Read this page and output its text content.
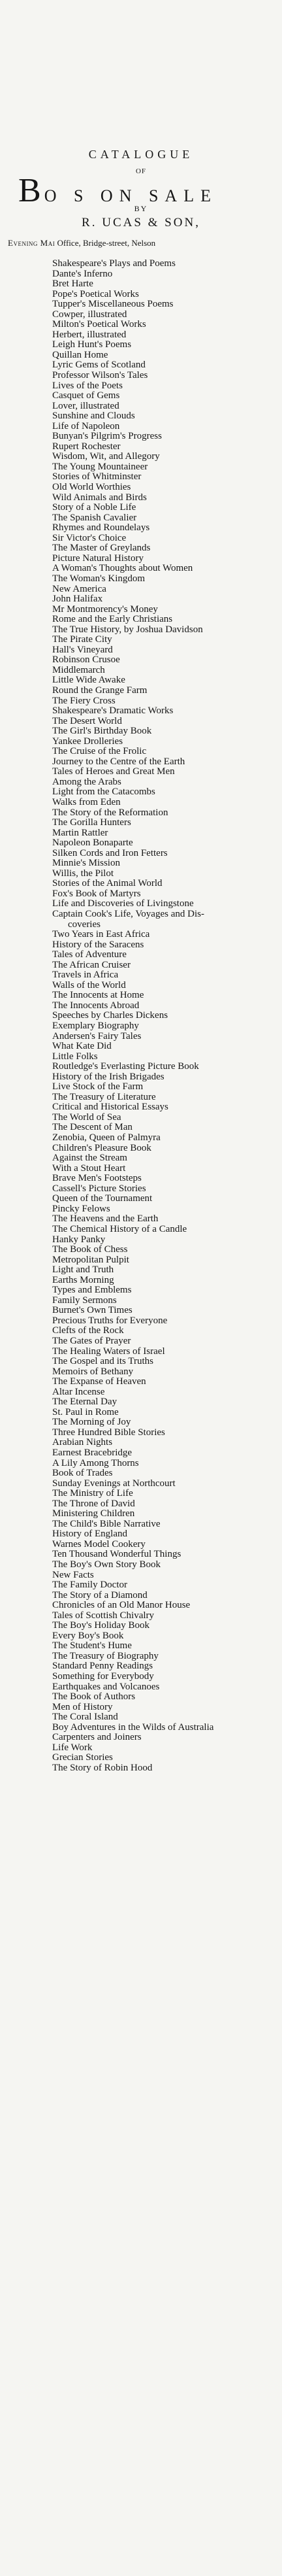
CATALOGUE
OF
BO S ON SALE
BY
R. UCAS & SON,
Evening Mai Office, Bridge-street, Nelson
Shakespeare's Plays and Poems
Dante's Inferno
Bret Harte
Pope's Poetical Works
Tupper's Miscellaneous Poems
Cowper, illustrated
Milton's Poetical Works
Herbert, illustrated
Leigh Hunt's Poems
Quillan Home
Lyric Gems of Scotland
Professor Wilson's Tales
Lives of the Poets
Casquet of Gems
Lover, illustrated
Sunshine and Clouds
Life of Napoleon
Bunyan's Pilgrim's Progress
Rupert Rochester
Wisdom, Wit, and Allegory
The Young Mountaineer
Stories of Whitminster
Old World Worthies
Wild Animals and Birds
Story of a Noble Life
The Spanish Cavalier
Rhymes and Roundelays
Sir Victor's Choice
The Master of Greylands
Picture Natural History
A Woman's Thoughts about Women
The Woman's Kingdom
New America
John Halifax
Mr Montmorency's Money
Rome and the Early Christians
The True History, by Joshua Davidson
The Pirate City
Hall's Vineyard
Robinson Crusoe
Middlemarch
Little Wide Awake
Round the Grange Farm
The Fiery Cross
Shakespeare's Dramatic Works
The Desert World
The Girl's Birthday Book
Yankee Drolleries
The Cruise of the Frolic
Journey to the Centre of the Earth
Tales of Heroes and Great Men
Among the Arabs
Light from the Catacombs
Walks from Eden
The Story of the Reformation
The Gorilla Hunters
Martin Rattler
Napoleon Bonaparte
Silken Cords and Iron Fetters
Minnie's Mission
Willis, the Pilot
Stories of the Animal World
Fox's Book of Martyrs
Life and Discoveries of Livingstone
Captain Cook's Life, Voyages and Dis-
coveries
Two Years in East Africa
History of the Saracens
Tales of Adventure
The African Cruiser
Travels in Africa
Walls of the World
The Innocents at Home
The Innocents Abroad
Speeches by Charles Dickens
Exemplary Biography
Andersen's Fairy Tales
What Kate Did
Little Folks
Routledge's Everlasting Picture Book
History of the Irish Brigades
Live Stock of the Farm
The Treasury of Literature
Critical and Historical Essays
The World of Sea
The Descent of Man
Zenobia, Queen of Palmyra
Children's Pleasure Book
Against the Stream
With a Stout Heart
Brave Men's Footsteps
Cassell's Picture Stories
Queen of the Tournament
Pincky Felows
The Heavens and the Earth
The Chemical History of a Candle
Hanky Panky
The Book of Chess
Metropolitan Pulpit
Light and Truth
Earths Morning
Types and Emblems
Family Sermons
Burnet's Own Times
Precious Truths for Everyone
Clefts of the Rock
The Gates of Prayer
The Healing Waters of Israel
The Gospel and its Truths
Memoirs of Bethany
The Expanse of Heaven
Altar Incense
The Eternal Day
St. Paul in Rome
The Morning of Joy
Three Hundred Bible Stories
Arabian Nights
Earnest Bracebridge
A Lily Among Thorns
Book of Trades
Sunday Evenings at Northcourt
The Ministry of Life
The Throne of David
Ministering Children
The Child's Bible Narrative
History of England
Warnes Model Cookery
Ten Thousand Wonderful Things
The Boy's Own Story Book
New Facts
The Family Doctor
The Story of a Diamond
Chronicles of an Old Manor House
Tales of Scottish Chivalry
The Boy's Holiday Book
Every Boy's Book
The Student's Hume
The Treasury of Biography
Standard Penny Readings
Something for Everybody
Earthquakes and Volcanoes
The Book of Authors
Men of History
The Coral Island
Boy Adventures in the Wilds of Australia
Carpenters and Joiners
Life Work
Grecian Stories
The Story of Robin Hood
